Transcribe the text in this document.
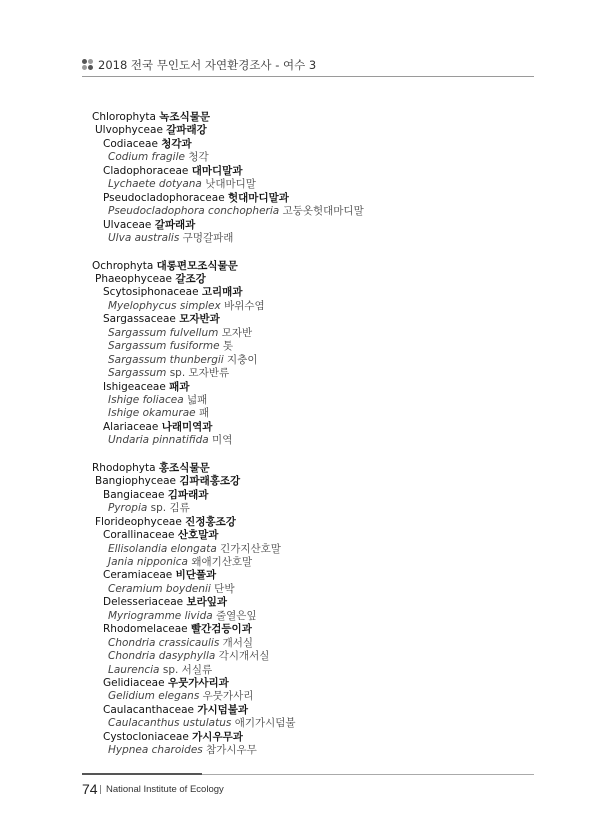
2018 전국 무인도서 자연환경조사 - 여수 3
Chlorophyta 녹조식물문
Ulvophyceae 갈파래강
Codiaceae 청각과
Codium fragile 청각
Cladophoraceae 대마디말과
Lychaete dotyana 낫대마디말
Pseudocladophoraceae 헛대마디말과
Pseudocladophora conchopheria 고둥옷헛대마디말
Ulvaceae 갈파래과
Ulva australis 구멍갈파래
Ochrophyta 대롱편모조식물문
Phaeophyceae 갈조강
Scytosiphonaceae 고리매과
Myelophycus simplex 바위수염
Sargassaceae 모자반과
Sargassum fulvellum 모자반
Sargassum fusiforme 톳
Sargassum thunbergii 지충이
Sargassum sp. 모자반류
Ishigeaceae 패과
Ishige foliacea 넓패
Ishige okamurae 패
Alariaceae 나래미역과
Undaria pinnatifida 미역
Rhodophyta 홍조식물문
Bangiophyceae 김파래홍조강
Bangiaceae 김파래과
Pyropia sp. 김류
Florideophyceae 진정홍조강
Corallinaceae 산호말과
Ellisolandia elongata 긴가지산호말
Jania nipponica 왜애기산호말
Ceramiaceae 비단풀과
Ceramium boydenii 단박
Delesseriaceae 보라잎과
Myriogramme livida 줄열은잎
Rhodomelaceae 빨간검등이과
Chondria crassicaulis 개서실
Chondria dasyphylla 각시개서실
Laurencia sp. 서실류
Gelidiaceae 우뭇가사리과
Gelidium elegans 우뭇가사리
Caulacanthaceae 가시덤불과
Caulacanthus ustulatus 애기가시덤불
Cystocloniaceae 가시우무과
Hypnea charoides 참가시우무
74 National Institute of Ecology
